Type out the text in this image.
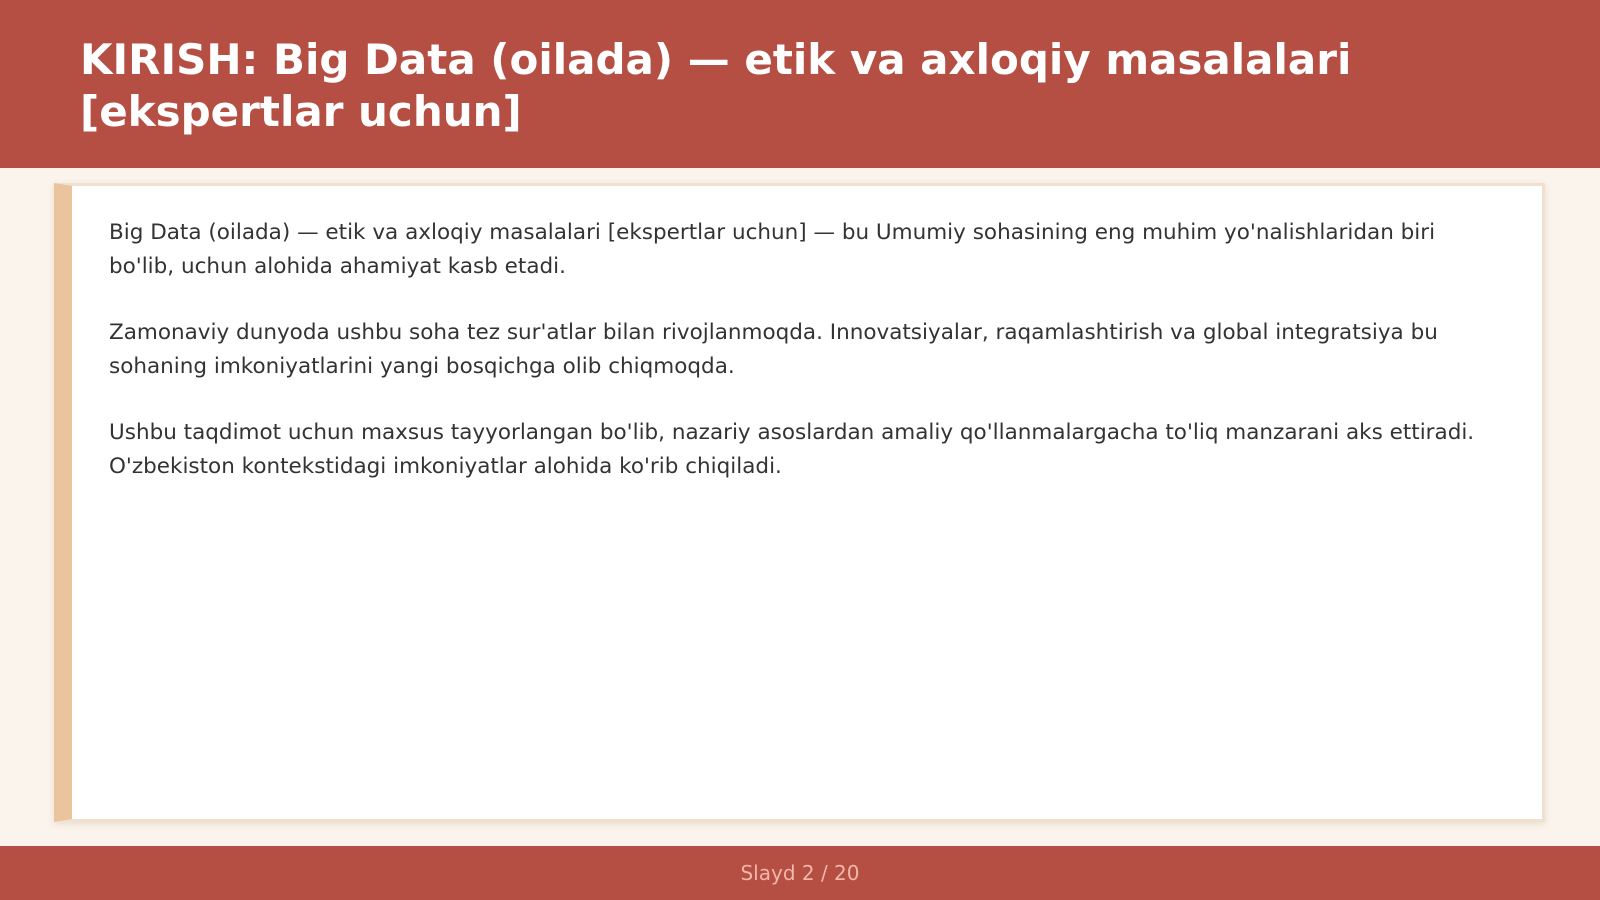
KIRISH: Big Data (oilada) — etik va axloqiy masalalari [ekspertlar uchun]

Big Data (oilada) — etik va axloqiy masalalari [ekspertlar uchun] — bu Umumiy sohasining eng muhim yo'nalishlaridan biri bo'lib, uchun alohida ahamiyat kasb etadi.

Zamonaviy dunyoda ushbu soha tez sur'atlar bilan rivojlanmoqda. Innovatsiyalar, raqamlashtirish va global integratsiya bu sohaning imkoniyatlarini yangi bosqichga olib chiqmoqda.

Ushbu taqdimot uchun maxsus tayyorlangan bo'lib, nazariy asoslardan amaliy qo'llanmalargacha to'liq manzarani aks ettiradi. O'zbekiston kontekstidagi imkoniyatlar alohida ko'rib chiqiladi.

Slayd 2 / 20
